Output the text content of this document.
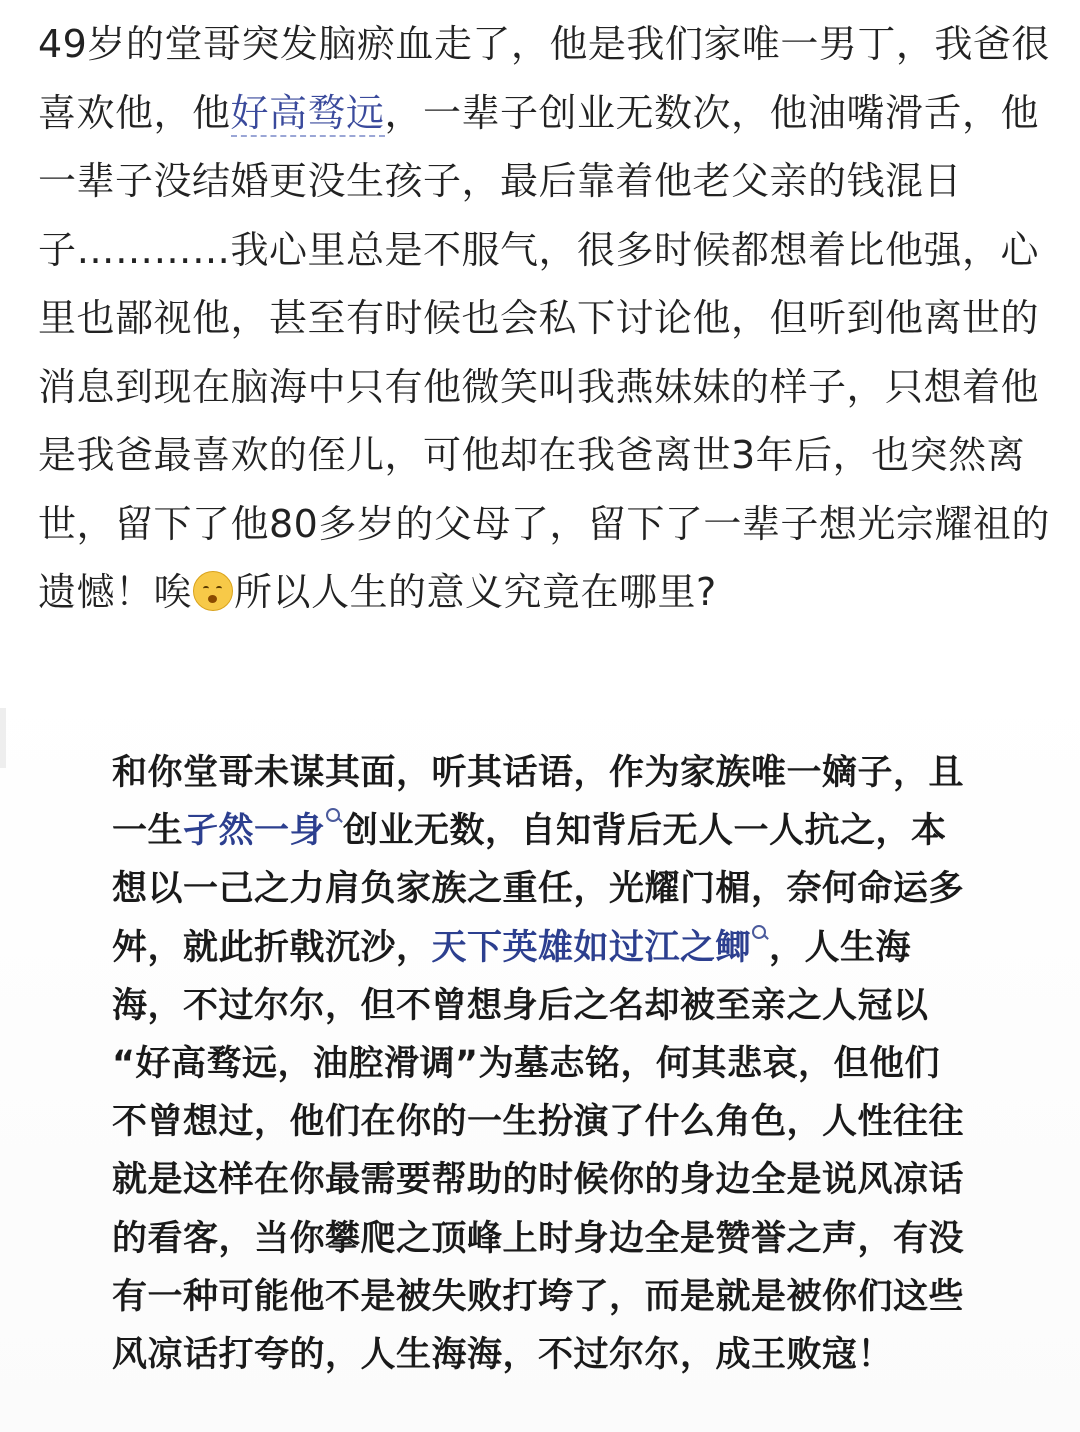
49岁的堂哥突发脑瘀血走了，他是我们家唯一男丁，我爸很
喜欢他，他好高骛远，一辈子创业无数次，他油嘴滑舌，他
一辈子没结婚更没生孩子，最后靠着他老父亲的钱混日
子…………我心里总是不服气，很多时候都想着比他强，心
里也鄙视他，甚至有时候也会私下讨论他，但听到他离世的
消息到现在脑海中只有他微笑叫我燕妹妹的样子，只想着他
是我爸最喜欢的侄儿，可他却在我爸离世3年后，也突然离
世，留下了他80多岁的父母了，留下了一辈子想光宗耀祖的
遗憾！唉 所以人生的意义究竟在哪里?
和你堂哥未谋其面，听其话语，作为家族唯一嫡子，且
一生孑然一身 创业无数，自知背后无人一人抗之，本
想以一己之力肩负家族之重任，光耀门楣，奈何命运多
舛，就此折戟沉沙，天下英雄如过江之鲫 ，人生海
海，不过尔尔，但不曾想身后之名却被至亲之人冠以
“好高骛远，油腔滑调”为墓志铭，何其悲哀，但他们
不曾想过，他们在你的一生扮演了什么角色，人性往往
就是这样在你最需要帮助的时候你的身边全是说风凉话
的看客，当你攀爬之顶峰上时身边全是赞誉之声，有没
有一种可能他不是被失败打垮了，而是就是被你们这些
风凉话打夸的，人生海海，不过尔尔，成王败寇！
